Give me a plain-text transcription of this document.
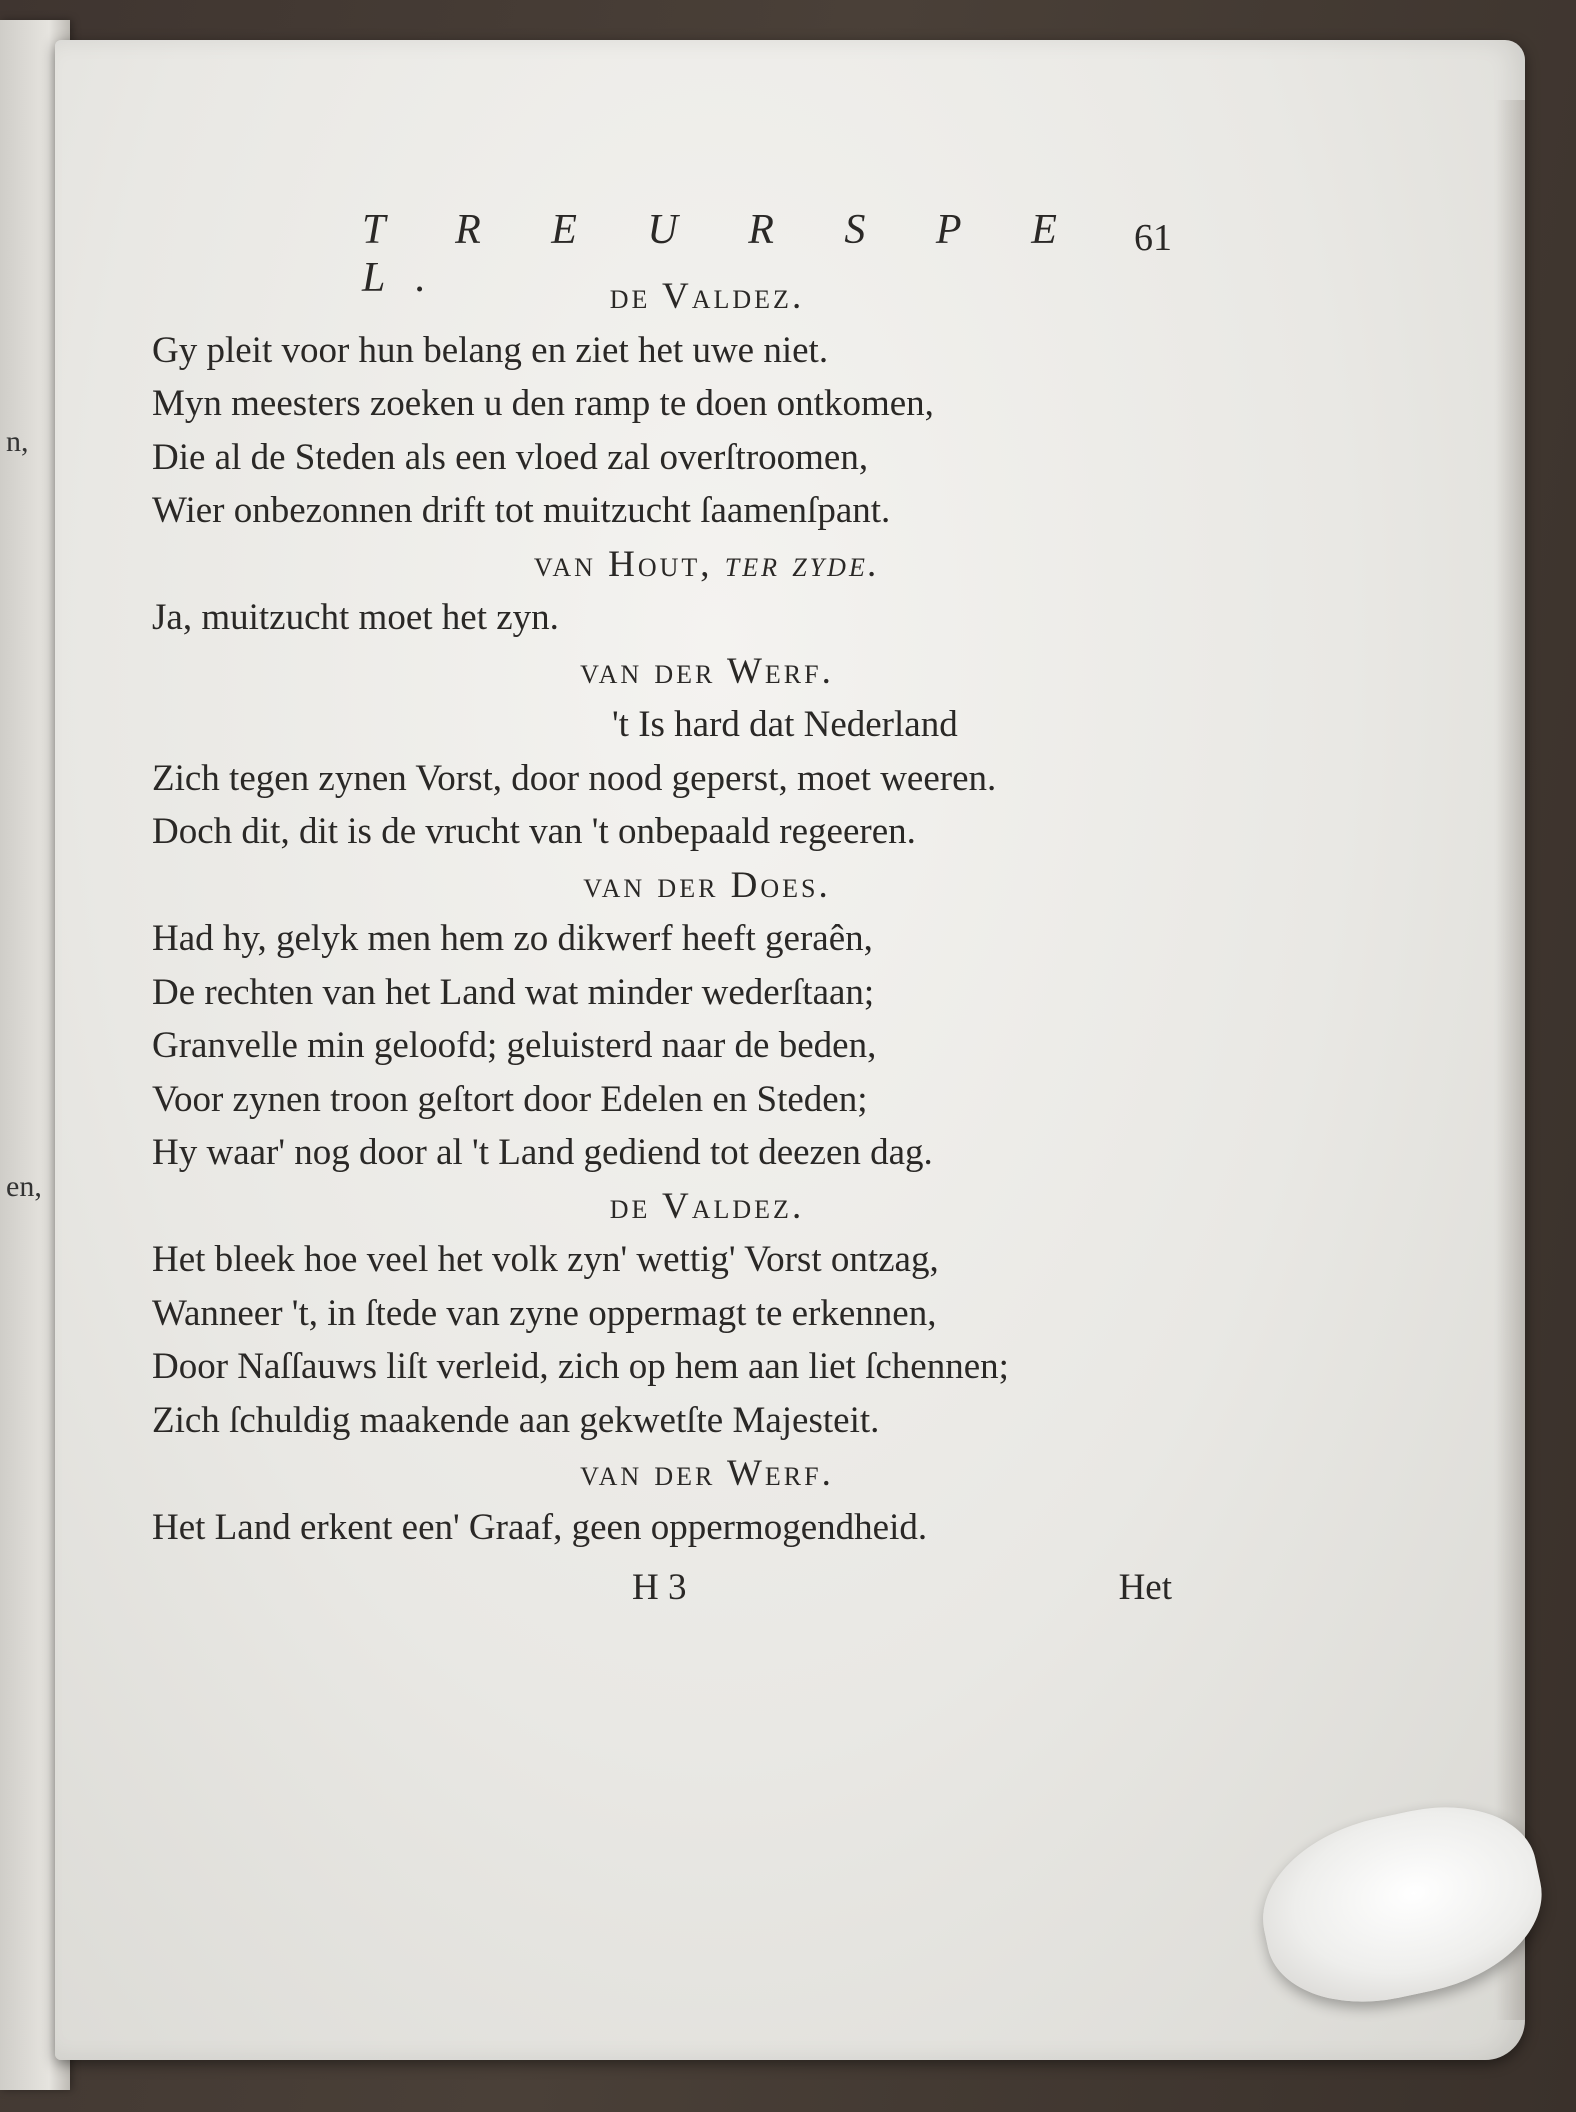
n,
en,
T R E U R S P E L.
61
de Valdez.
Gy pleit voor hun belang en ziet het uwe niet.
Myn meesters zoeken u den ramp te doen ontkomen,
Die al de Steden als een vloed zal overſtroomen,
Wier onbezonnen drift tot muitzucht ſaamenſpant.
van Hout, ter zyde.
Ja, muitzucht moet het zyn.
van der Werf.
't Is hard dat Nederland
Zich tegen zynen Vorst, door nood geperst, moet weeren.
Doch dit, dit is de vrucht van 't onbepaald regeeren.
van der Does.
Had hy, gelyk men hem zo dikwerf heeft geraên,
De rechten van het Land wat minder wederſtaan;
Granvelle min geloofd; geluisterd naar de beden,
Voor zynen troon geſtort door Edelen en Steden;
Hy waar' nog door al 't Land gediend tot deezen dag.
de Valdez.
Het bleek hoe veel het volk zyn' wettig' Vorst ontzag,
Wanneer 't, in ſtede van zyne oppermagt te erkennen,
Door Naſſauws liſt verleid, zich op hem aan liet ſchennen;
Zich ſchuldig maakende aan gekwetſte Majesteit.
van der Werf.
Het Land erkent een' Graaf, geen oppermogendheid.
H 3	Het
